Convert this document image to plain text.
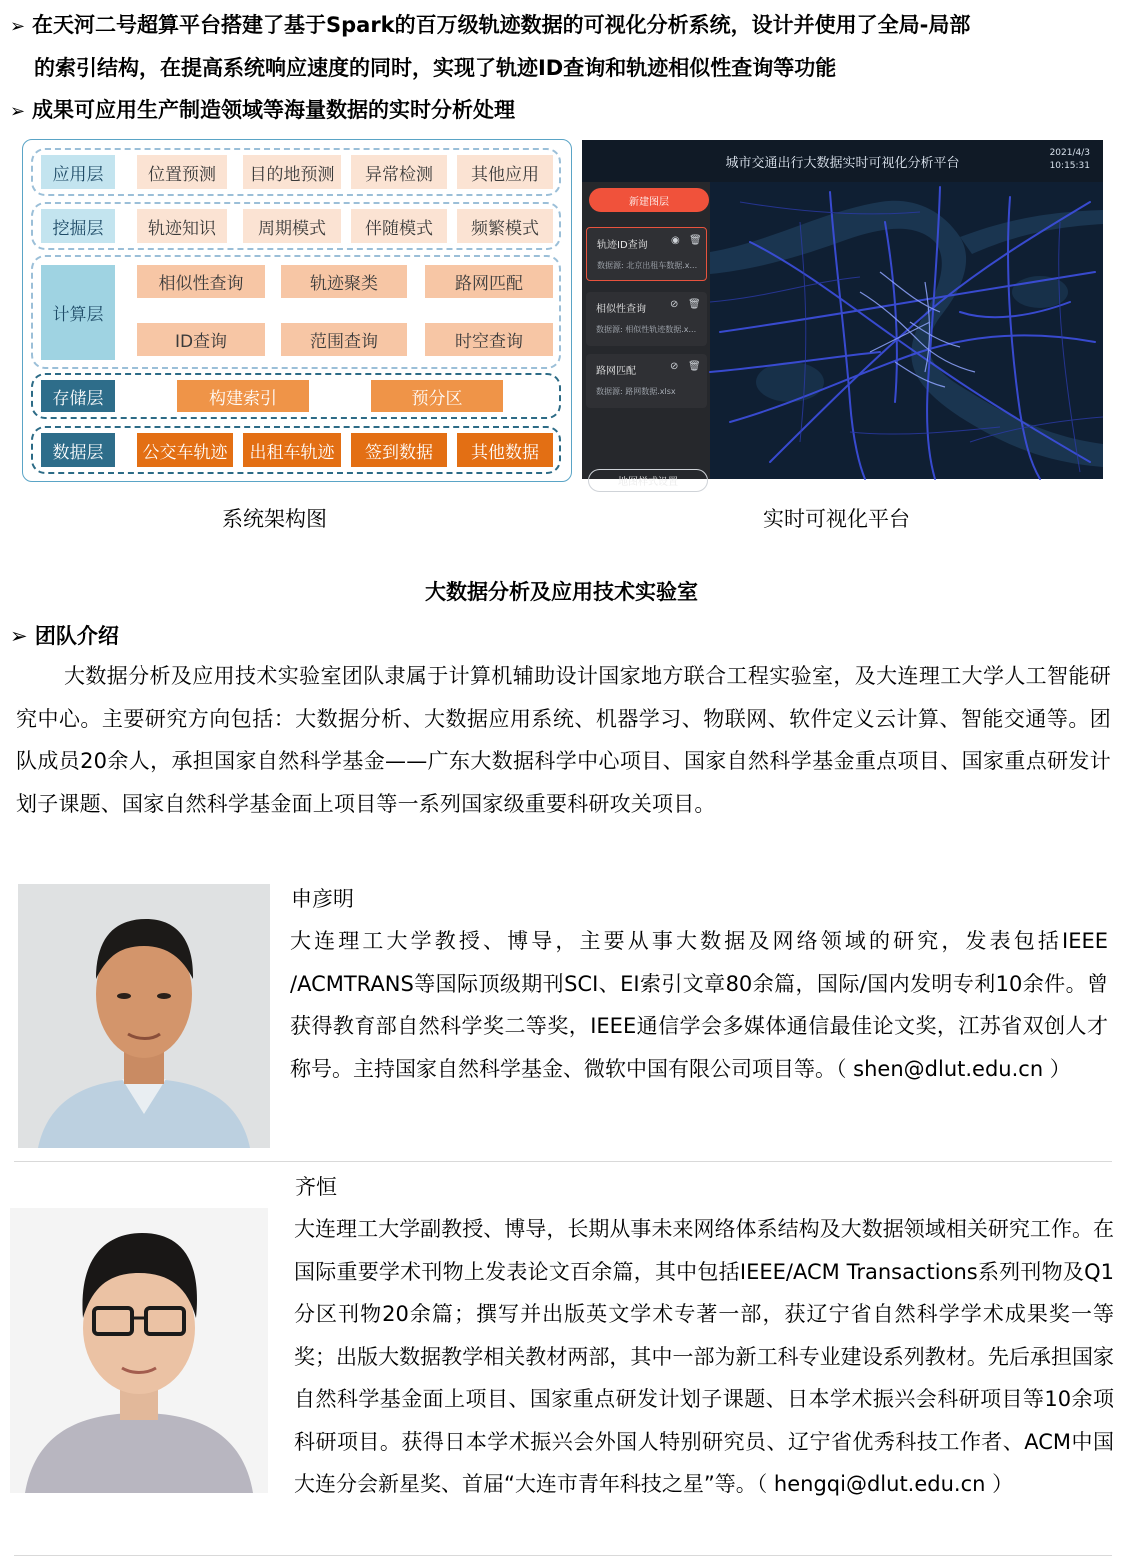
➢ 在天河二号超算平台搭建了基于Spark的百万级轨迹数据的可视化分析系统，设计并使用了全局-局部
的索引结构，在提高系统响应速度的同时，实现了轨迹ID查询和轨迹相似性查询等功能
➢ 成果可应用生产制造领域等海量数据的实时分析处理
应用层	位置预测	目的地预测	异常检测	其他应用
挖掘层	轨迹知识	周期模式	伴随模式	频繁模式
计算层
相似性查询	轨迹聚类	路网匹配
ID查询	范围查询	时空查询
存储层	构建索引	预分区
数据层	公交车轨迹	出租车轨迹	签到数据	其他数据
城市交通出行大数据实时可视化分析平台
2021/4/3
10:15:31
新建图层
轨迹ID查询 ◉ 🗑
数据源: 北京出租车数据.x...
相似性查询 ⊘ 🗑
数据源: 相似性轨迹数据.x...
路网匹配	⊘ 🗑
数据源: 路网数据.xlsx
地图样式设置
系统架构图	实时可视化平台
大数据分析及应用技术实验室
➢ 团队介绍
大数据分析及应用技术实验室团队隶属于计算机辅助设计国家地方联合工程实验室，及大连理工大学人工智能研究中心。主要研究方向包括：大数据分析、大数据应用系统、机器学习、物联网、软件定义云计算、智能交通等。团队成员20余人，承担国家自然科学基金——广东大数据科学中心项目、国家自然科学基金重点项目、国家重点研发计划子课题、国家自然科学基金面上项目等一系列国家级重要科研攻关项目。
申彦明
大连理工大学教授、博导，主要从事大数据及网络领域的研究，发表包括IEEE /ACMTRANS等国际顶级期刊SCI、EI索引文章80余篇，国际/国内发明专利10余件。曾获得教育部自然科学奖二等奖，IEEE通信学会多媒体通信最佳论文奖，江苏省双创人才称号。主持国家自然科学基金、微软中国有限公司项目等。（ shen@dlut.edu.cn ）
齐恒
大连理工大学副教授、博导，长期从事未来网络体系结构及大数据领域相关研究工作。在国际重要学术刊物上发表论文百余篇，其中包括IEEE/ACM Transactions系列刊物及Q1分区刊物20余篇；撰写并出版英文学术专著一部，获辽宁省自然科学学术成果奖一等奖；出版大数据教学相关教材两部，其中一部为新工科专业建设系列教材。先后承担国家自然科学基金面上项目、国家重点研发计划子课题、日本学术振兴会科研项目等10余项科研项目。获得日本学术振兴会外国人特别研究员、辽宁省优秀科技工作者、ACM中国大连分会新星奖、首届“大连市青年科技之星”等。（ hengqi@dlut.edu.cn ）
